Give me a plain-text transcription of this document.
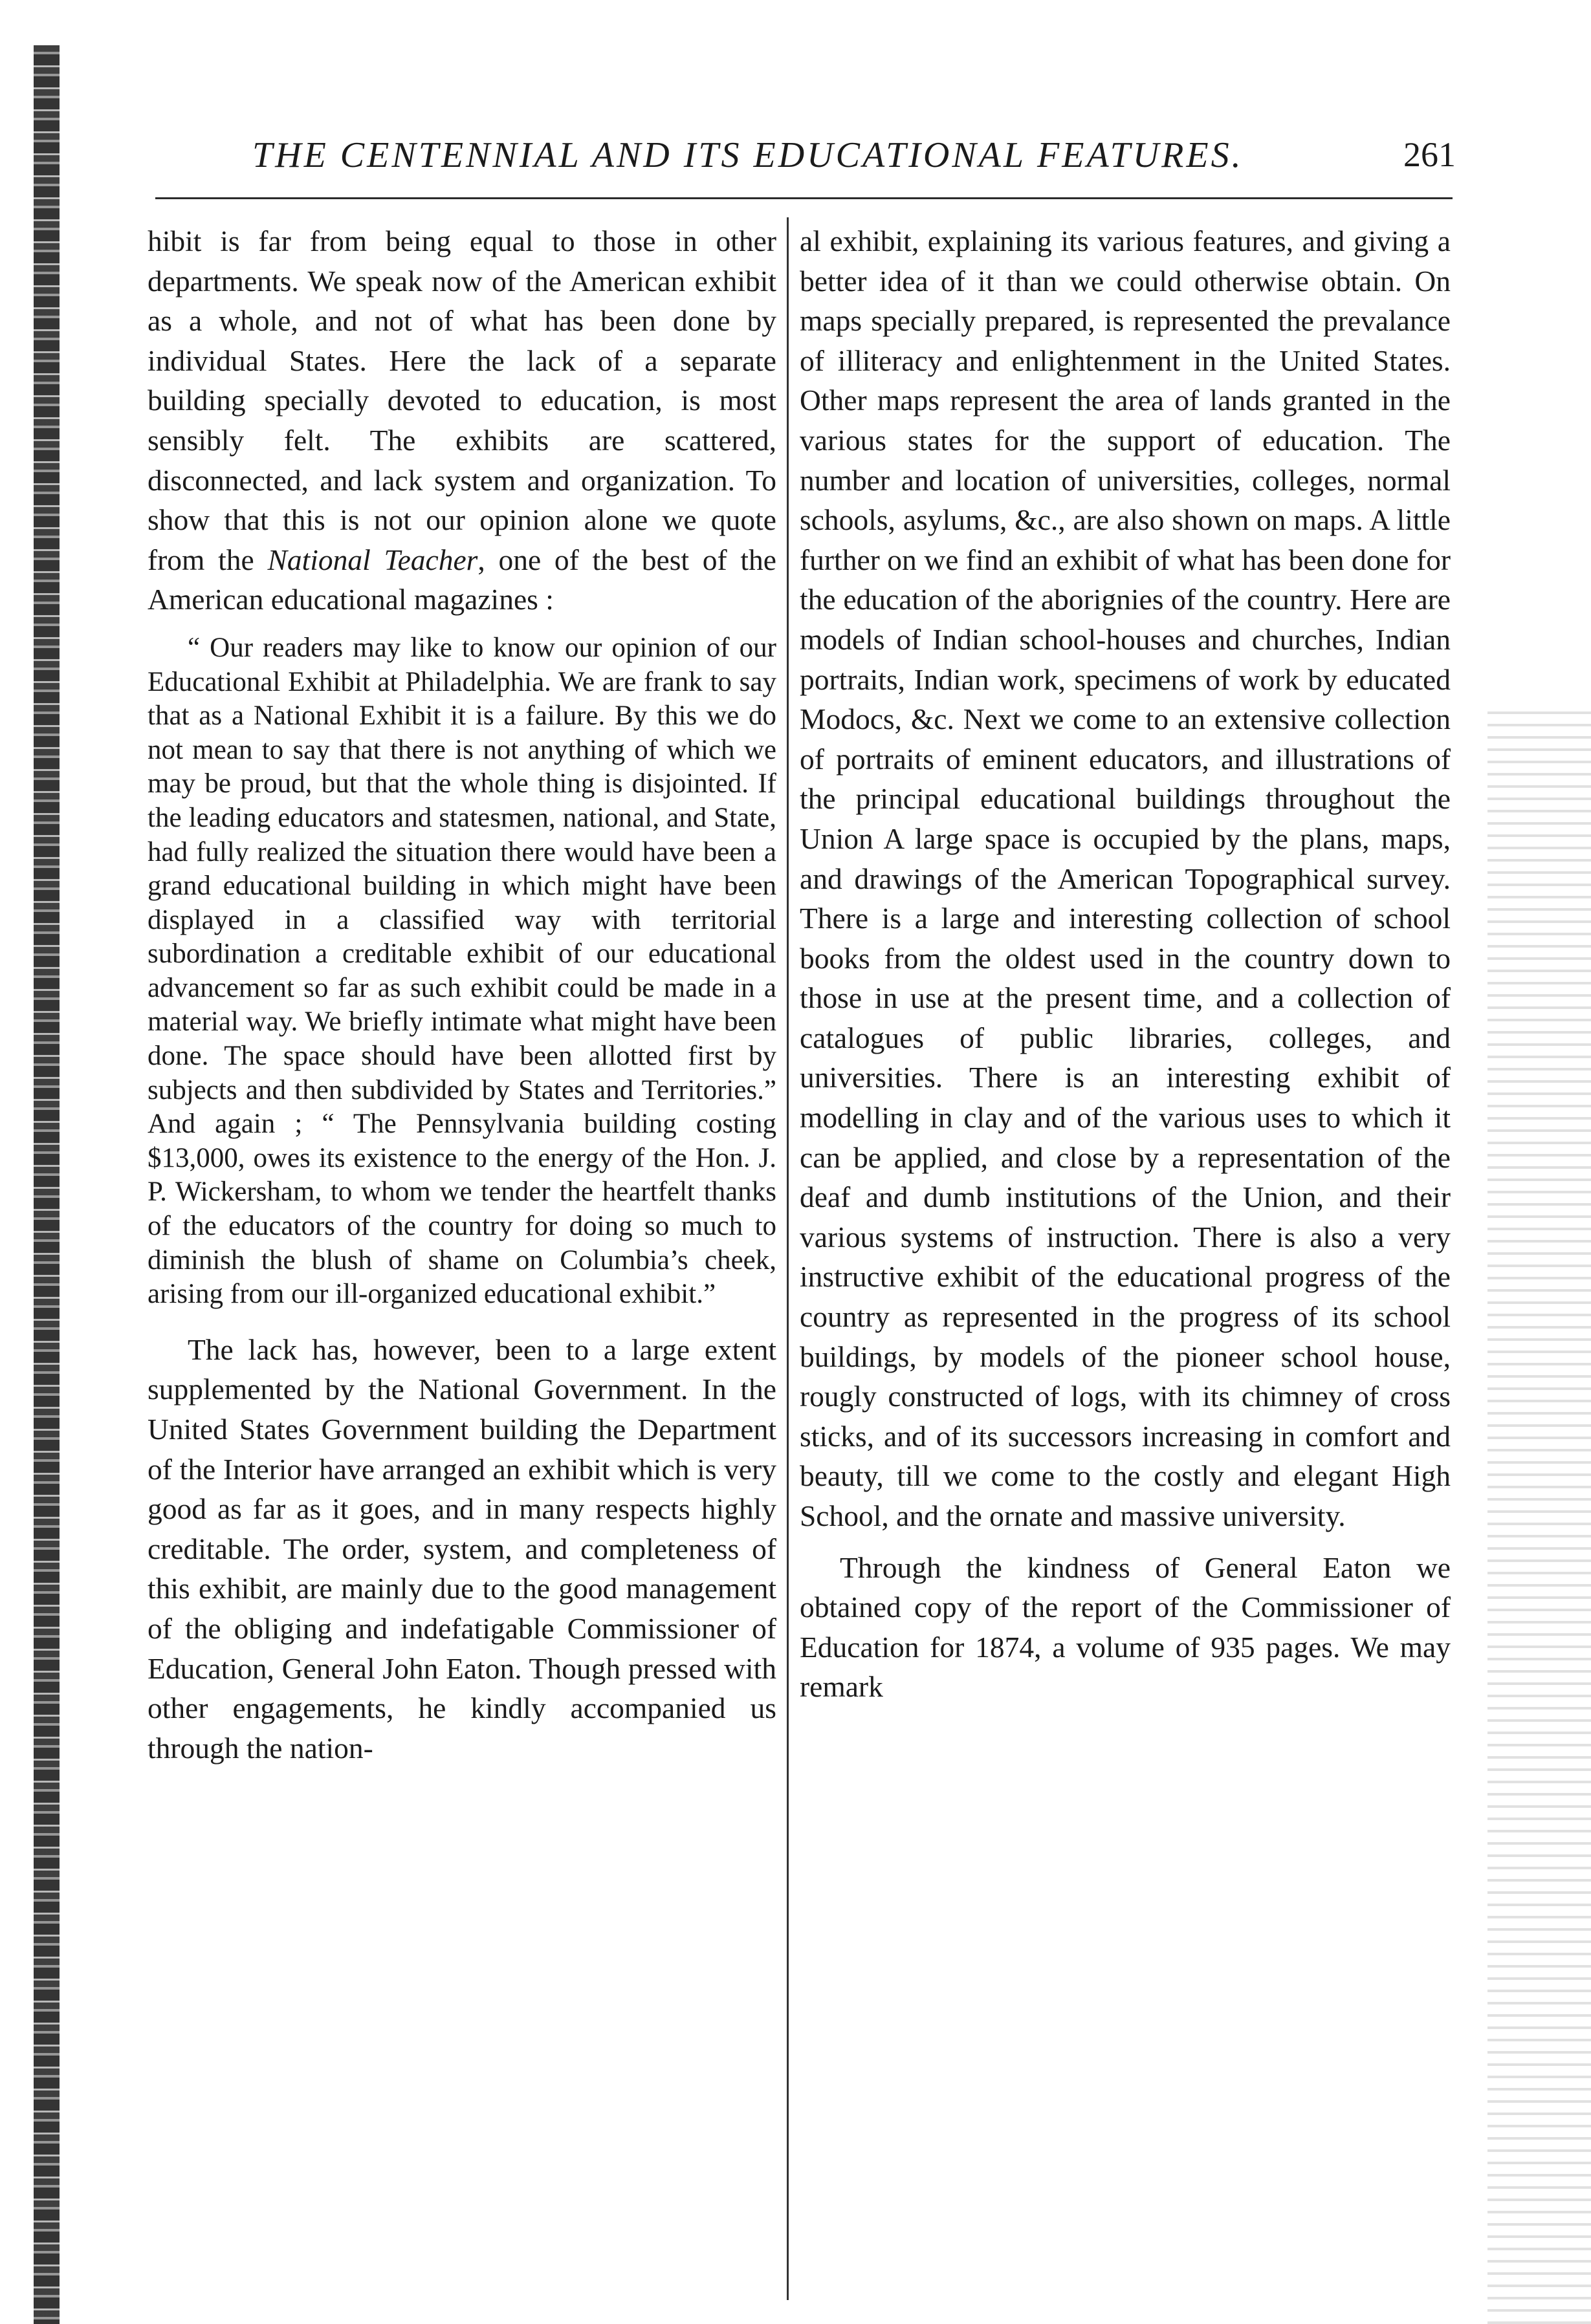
THE CENTENNIAL AND ITS EDUCATIONAL FEATURES.	261

hibit is far from being equal to those in other departments. We speak now of the American exhibit as a whole, and not of what has been done by individual States. Here the lack of a separate building specially devoted to education, is most sensibly felt. The exhibits are scattered, disconnected, and lack system and organization. To show that this is not our opinion alone we quote from the National Teacher, one of the best of the American educational magazines :

“ Our readers may like to know our opinion of our Educational Exhibit at Philadelphia. We are frank to say that as a National Exhibit it is a failure. By this we do not mean to say that there is not anything of which we may be proud, but that the whole thing is disjointed. If the leading educators and statesmen, national, and State, had fully realized the situation there would have been a grand educational building in which might have been displayed in a classified way with territorial subordination a creditable exhibit of our educational advancement so far as such exhibit could be made in a material way. We briefly intimate what might have been done. The space should have been allotted first by subjects and then subdivided by States and Territories.” And again ; “ The Pennsylvania building costing $13,000, owes its existence to the energy of the Hon. J. P. Wickersham, to whom we tender the heartfelt thanks of the educators of the country for doing so much to diminish the blush of shame on Columbia’s cheek, arising from our ill-organized educational exhibit.”

The lack has, however, been to a large extent supplemented by the National Government. In the United States Government building the Department of the Interior have arranged an exhibit which is very good as far as it goes, and in many respects highly creditable. The order, system, and completeness of this exhibit, are mainly due to the good management of the obliging and indefatigable Commissioner of Education, General John Eaton. Though pressed with other engagements, he kindly accompanied us through the nation-

al exhibit, explaining its various features, and giving a better idea of it than we could otherwise obtain. On maps specially prepared, is represented the prevalance of illiteracy and enlightenment in the United States. Other maps represent the area of lands granted in the various states for the support of education. The number and location of universities, colleges, normal schools, asylums, &c., are also shown on maps. A little further on we find an exhibit of what has been done for the education of the aborignies of the country. Here are models of Indian school-houses and churches, Indian portraits, Indian work, specimens of work by educated Modocs, &c. Next we come to an extensive collection of portraits of eminent educators, and illustrations of the principal educational buildings throughout the Union A large space is occupied by the plans, maps, and drawings of the American Topographical survey. There is a large and interesting collection of school books from the oldest used in the country down to those in use at the present time, and a collection of catalogues of public libraries, colleges, and universities. There is an interesting exhibit of modelling in clay and of the various uses to which it can be applied, and close by a representation of the deaf and dumb institutions of the Union, and their various systems of instruction. There is also a very instructive exhibit of the educational progress of the country as represented in the progress of its school buildings, by models of the pioneer school house, rougly constructed of logs, with its chimney of cross sticks, and of its successors increasing in comfort and beauty, till we come to the costly and elegant High School, and the ornate and massive university.

Through the kindness of General Eaton we obtained copy of the report of the Commissioner of Education for 1874, a volume of 935 pages. We may remark
